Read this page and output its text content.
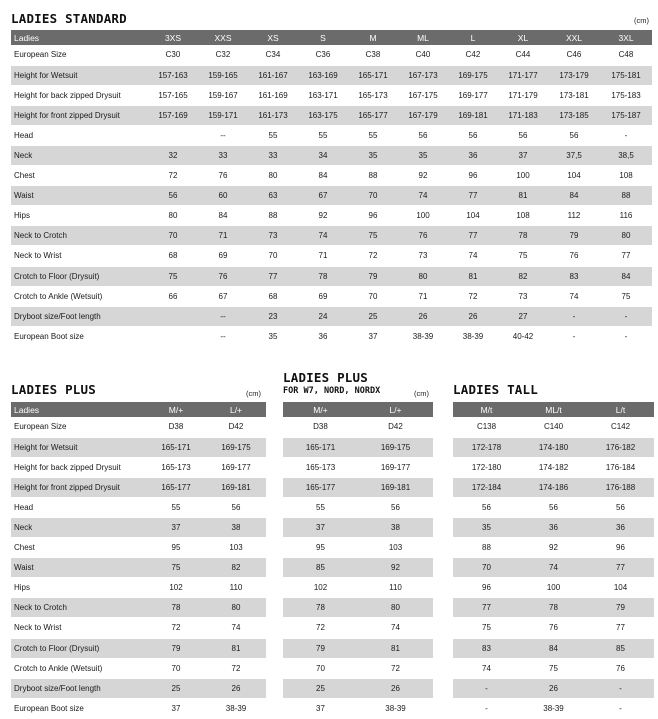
LADIES STANDARD	(cm)
Ladies	3XS	XXS	XS	S	M	ML	L	XL	XXL	3XL
European Size	C30	C32	C34	C36	C38	C40	C42	C44	C46	C48
Height for Wetsuit	157-163	159-165	161-167	163-169	165-171	167-173	169-175	171-177	173-179	175-181
Height for back zipped Drysuit	157-165	159-167	161-169	163-171	165-173	167-175	169-177	171-179	173-181	175-183
Height for front zipped Drysuit	157-169	159-171	161-173	163-175	165-177	167-179	169-181	171-183	173-185	175-187
Head		--	55	55	55	56	56	56	56	-
Neck	32	33	33	34	35	35	36	37	37,5	38,5
Chest	72	76	80	84	88	92	96	100	104	108
Waist	56	60	63	67	70	74	77	81	84	88
Hips	80	84	88	92	96	100	104	108	112	116
Neck to Crotch	70	71	73	74	75	76	77	78	79	80
Neck to Wrist	68	69	70	71	72	73	74	75	76	77
Crotch to Floor (Drysuit)	75	76	77	78	79	80	81	82	83	84
Crotch to Ankle (Wetsuit)	66	67	68	69	70	71	72	73	74	75
Dryboot size/Foot length		--	23	24	25	26	26	27	-	-
European Boot size		--	35	36	37	38-39	38-39	40-42	-	-
LADIES PLUS	(cm)
Ladies	M/+	L/+
European Size	D38	D42
Height for Wetsuit	165-171	169-175
Height for back zipped Drysuit	165-173	169-177
Height for front zipped Drysuit	165-177	169-181
Head	55	56
Neck	37	38
Chest	95	103
Waist	75	82
Hips	102	110
Neck to Crotch	78	80
Neck to Wrist	72	74
Crotch to Floor (Drysuit)	79	81
Crotch to Ankle (Wetsuit)	70	72
Dryboot size/Foot length	25	26
European Boot size	37	38-39
LADIES PLUS
FOR W7, NORD, NORDX	(cm)
M/+	L/+
D38	D42
165-171	169-175
165-173	169-177
165-177	169-181
55	56
37	38
95	103
85	92
102	110
78	80
72	74
79	81
70	72
25	26
37	38-39
LADIES TALL
M/t	ML/t	L/t
C138	C140	C142
172-178	174-180	176-182
172-180	174-182	176-184
172-184	174-186	176-188
56	56	56
35	36	36
88	92	96
70	74	77
96	100	104
77	78	79
75	76	77
83	84	85
74	75	76
-	26	-
-	38-39	-
